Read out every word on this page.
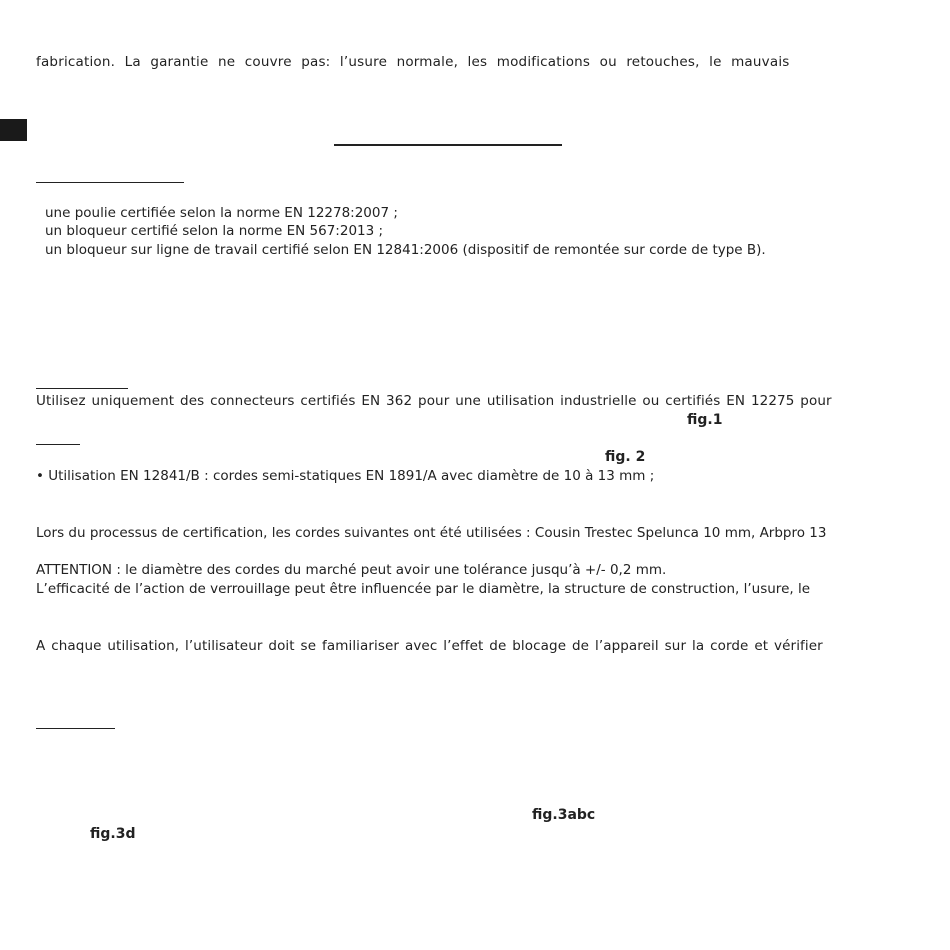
fabrication. La garantie ne couvre pas: l’usure normale, les modifications ou retouches, le mauvais
une poulie certifiée selon la norme EN 12278:2007 ;
un bloqueur certifié selon la norme EN 567:2013 ;
un bloqueur sur ligne de travail certifié selon EN 12841:2006 (dispositif de remontée sur corde de type B).
Utilisez uniquement des connecteurs certifiés EN 362 pour une utilisation industrielle ou certifiés EN 12275 pour
fig.1
fig. 2
• Utilisation EN 12841/B : cordes semi-statiques EN 1891/A avec diamètre de 10 à 13 mm ;
Lors du processus de certification, les cordes suivantes ont été utilisées : Cousin Trestec Spelunca 10 mm, Arbpro 13
ATTENTION : le diamètre des cordes du marché peut avoir une tolérance jusqu’à +/- 0,2 mm.
L’efficacité de l’action de verrouillage peut être influencée par le diamètre, la structure de construction, l’usure, le
A chaque utilisation, l’utilisateur doit se familiariser avec l’effet de blocage de l’appareil sur la corde et vérifier
fig.3abc
fig.3d
